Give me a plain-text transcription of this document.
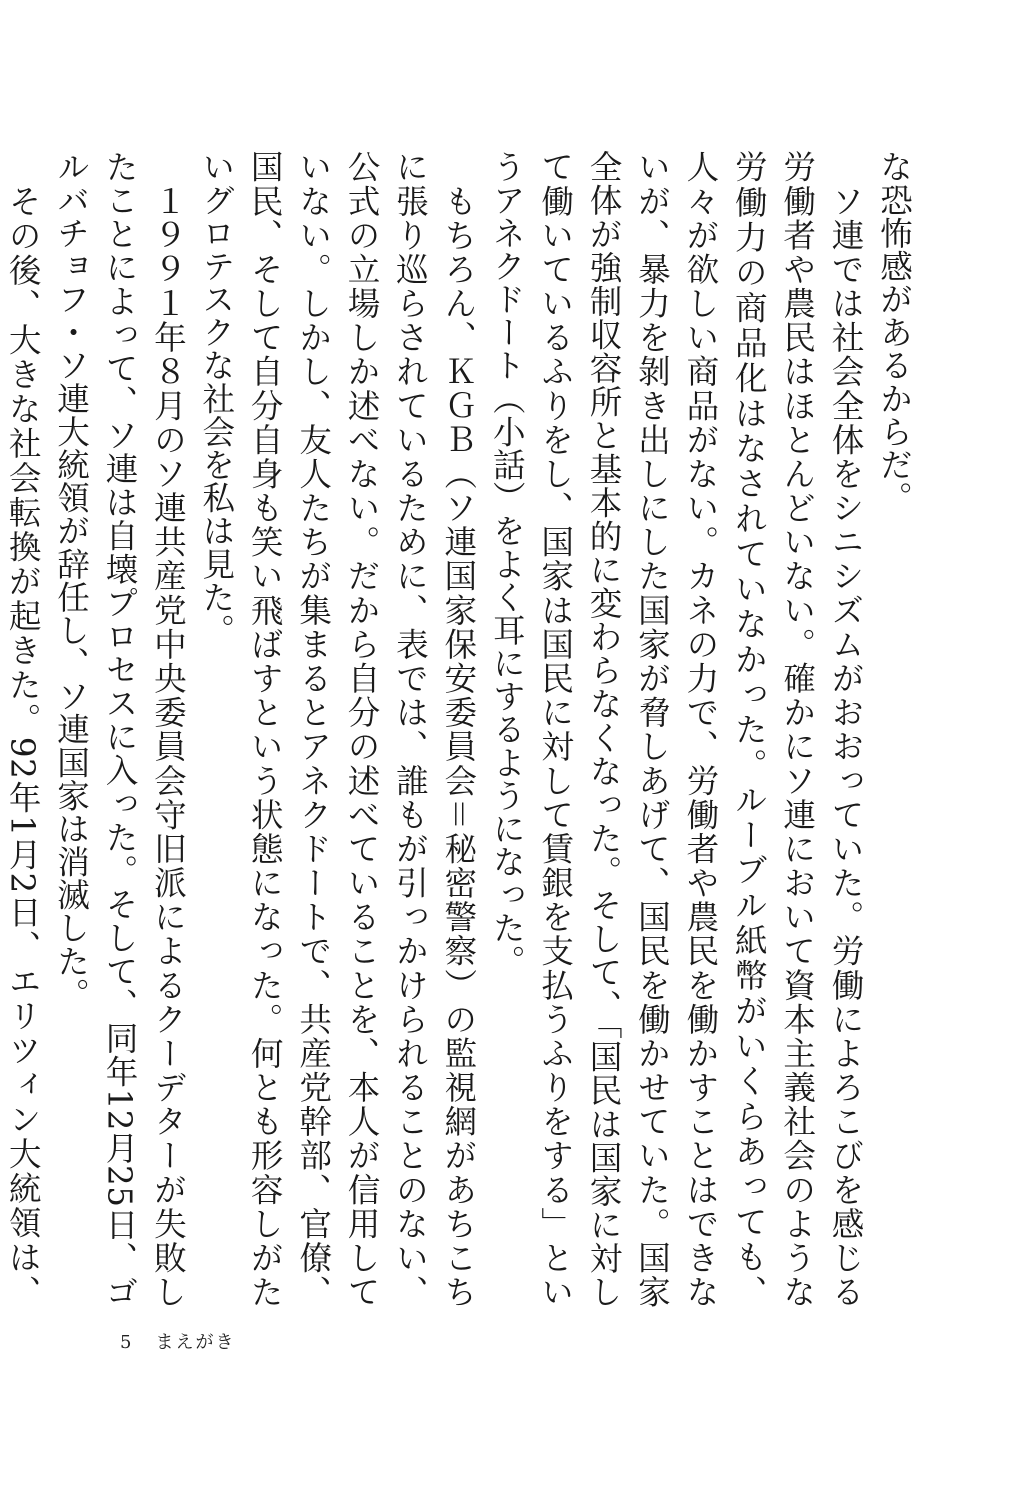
な恐怖感があるからだ。

　ソ連では社会全体をシニシズムがおおっていた。労働によろこびを感じる労働者や農民はほとんどいない。確かにソ連において資本主義社会のような労働力の商品化はなされていなかった。ルーブル紙幣がいくらあっても、人々が欲しい商品がない。カネの力で、労働者や農民を働かすことはできないが、暴力を剝き出しにした国家が脅しあげて、国民を働かせていた。国家全体が強制収容所と基本的に変わらなくなった。そして、「国民は国家に対して働いているふりをし、国家は国民に対して賃銀を支払うふりをする」というアネクドート（小話）をよく耳にするようになった。

　もちろん、ＫＧＢ（ソ連国家保安委員会＝秘密警察）の監視網があちこちに張り巡らされているために、表では、誰もが引っかけられることのない、公式の立場しか述べない。だから自分の述べていることを、本人が信用していない。しかし、友人たちが集まるとアネクドートで、共産党幹部、官僚、国民、そして自分自身も笑い飛ばすという状態になった。何とも形容しがたいグロテスクな社会を私は見た。

　１９９１年８月のソ連共産党中央委員会守旧派によるクーデターが失敗したことによって、ソ連は自壊プロセスに入った。そして、同年12月25日、ゴルバチョフ・ソ連大統領が辞任し、ソ連国家は消滅した。

　その後、大きな社会転換が起きた。92年1月2日、エリツィン大統領は、

5 まえがき
